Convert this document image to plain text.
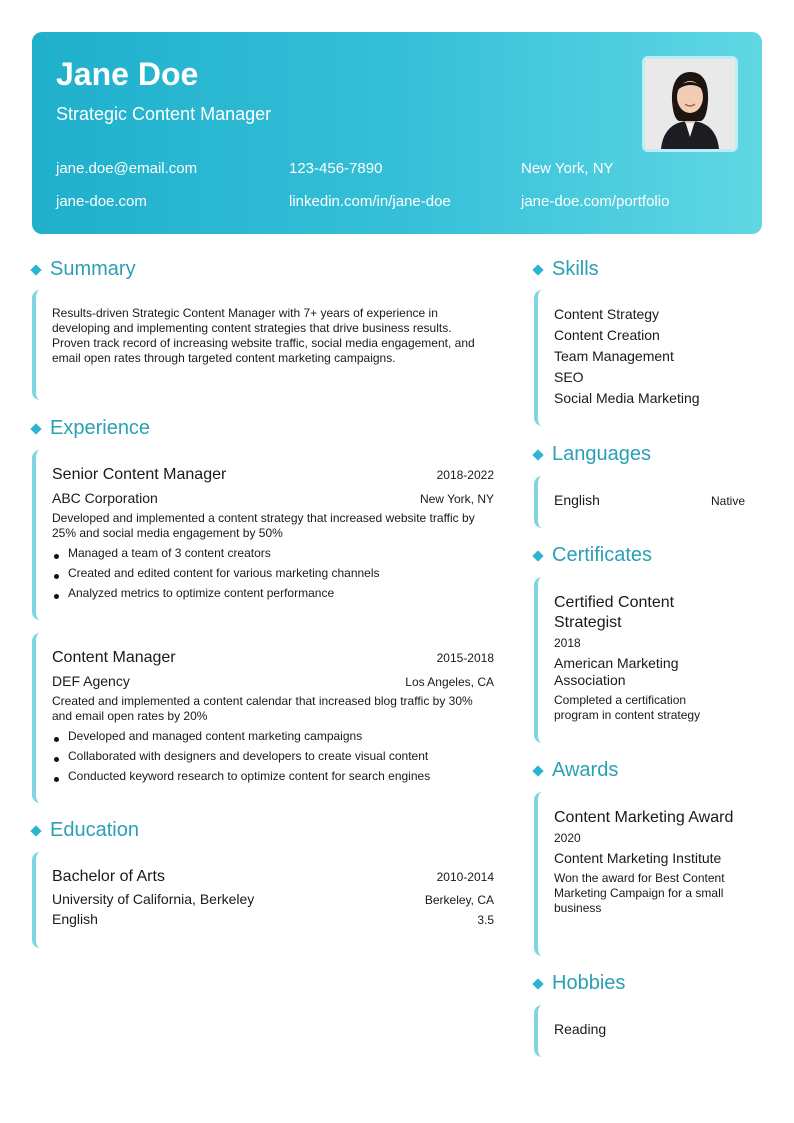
Jane Doe
Strategic Content Manager
jane.doe@email.com	123-456-7890	New York, NY
jane-doe.com	linkedin.com/in/jane-doe	jane-doe.com/portfolio
Summary
Results-driven Strategic Content Manager with 7+ years of experience in developing and implementing content strategies that drive business results. Proven track record of increasing website traffic, social media engagement, and email open rates through targeted content marketing campaigns.
Experience
Senior Content Manager	2018-2022
ABC Corporation	New York, NY
Developed and implemented a content strategy that increased website traffic by 25% and social media engagement by 50%
Managed a team of 3 content creators
Created and edited content for various marketing channels
Analyzed metrics to optimize content performance
Content Manager	2015-2018
DEF Agency	Los Angeles, CA
Created and implemented a content calendar that increased blog traffic by 30% and email open rates by 20%
Developed and managed content marketing campaigns
Collaborated with designers and developers to create visual content
Conducted keyword research to optimize content for search engines
Education
Bachelor of Arts	2010-2014
University of California, Berkeley	Berkeley, CA
English	3.5
Skills
Content Strategy
Content Creation
Team Management
SEO
Social Media Marketing
Languages
English	Native
Certificates
Certified Content Strategist
2018
American Marketing Association
Completed a certification program in content strategy
Awards
Content Marketing Award
2020
Content Marketing Institute
Won the award for Best Content Marketing Campaign for a small business
Hobbies
Reading
